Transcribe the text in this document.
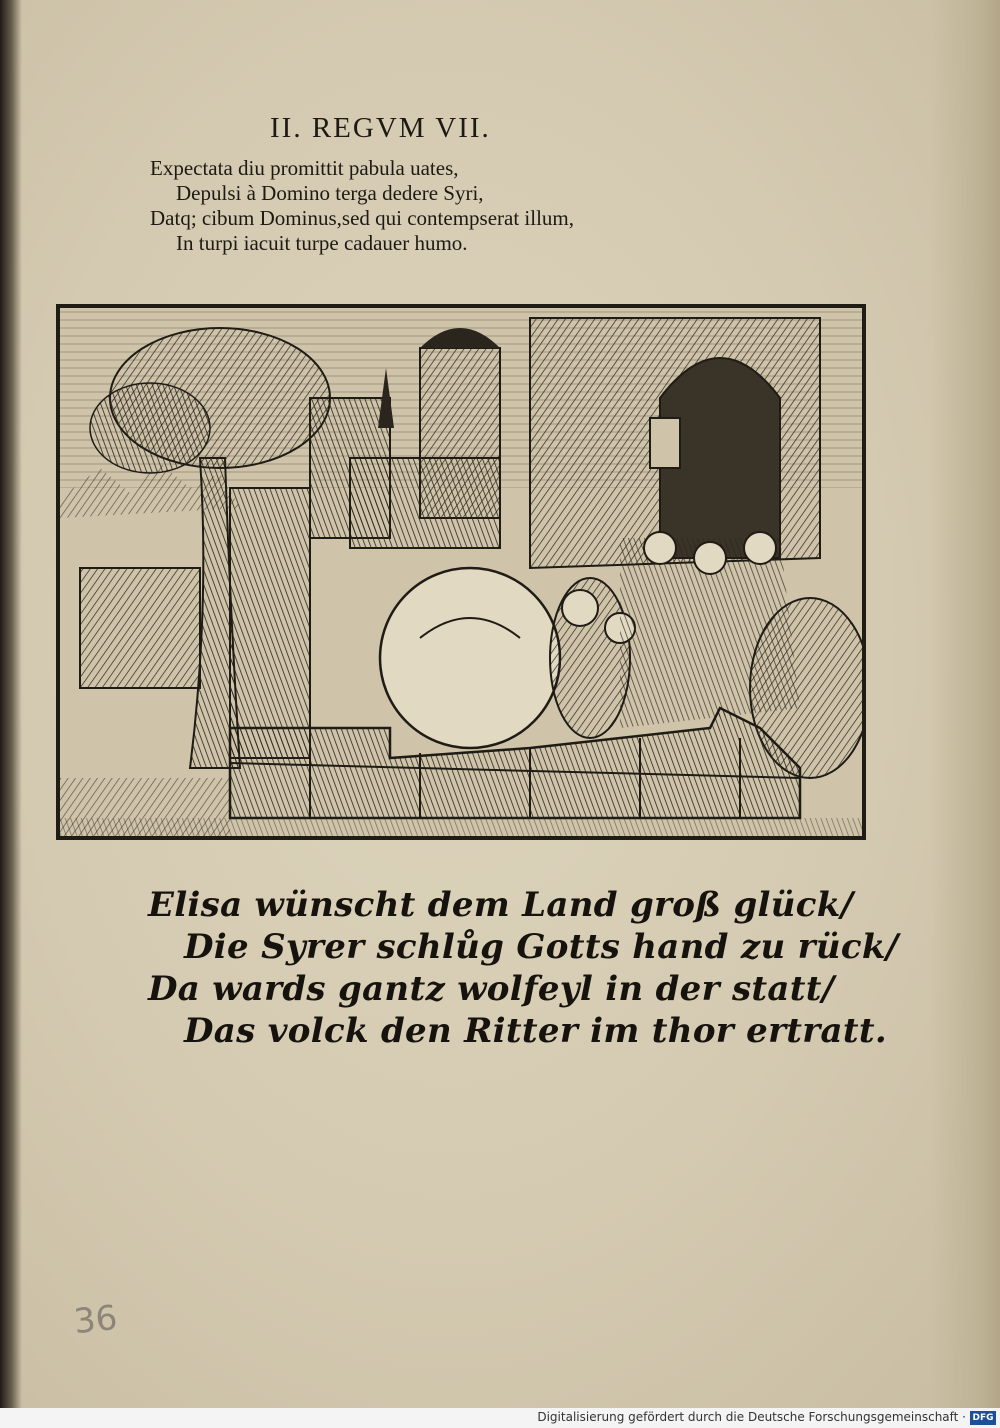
II. REGVM VII.
Expectata diu promittit pabula uates,
Depulsi à Domino terga dedere Syri,
Datq; cibum Dominus,sed qui contempserat illum,
In turpi iacuit turpe cadauer humo.
Elisa wünscht dem Land groß glück/
Die Syrer schlůg Gotts hand zu rück/
Da wards gantz wolfeyl in der statt/
Das volck den Ritter im thor ertratt.
36
Digitalisierung gefördert durch die Deutsche Forschungsgemeinschaft · DFG
